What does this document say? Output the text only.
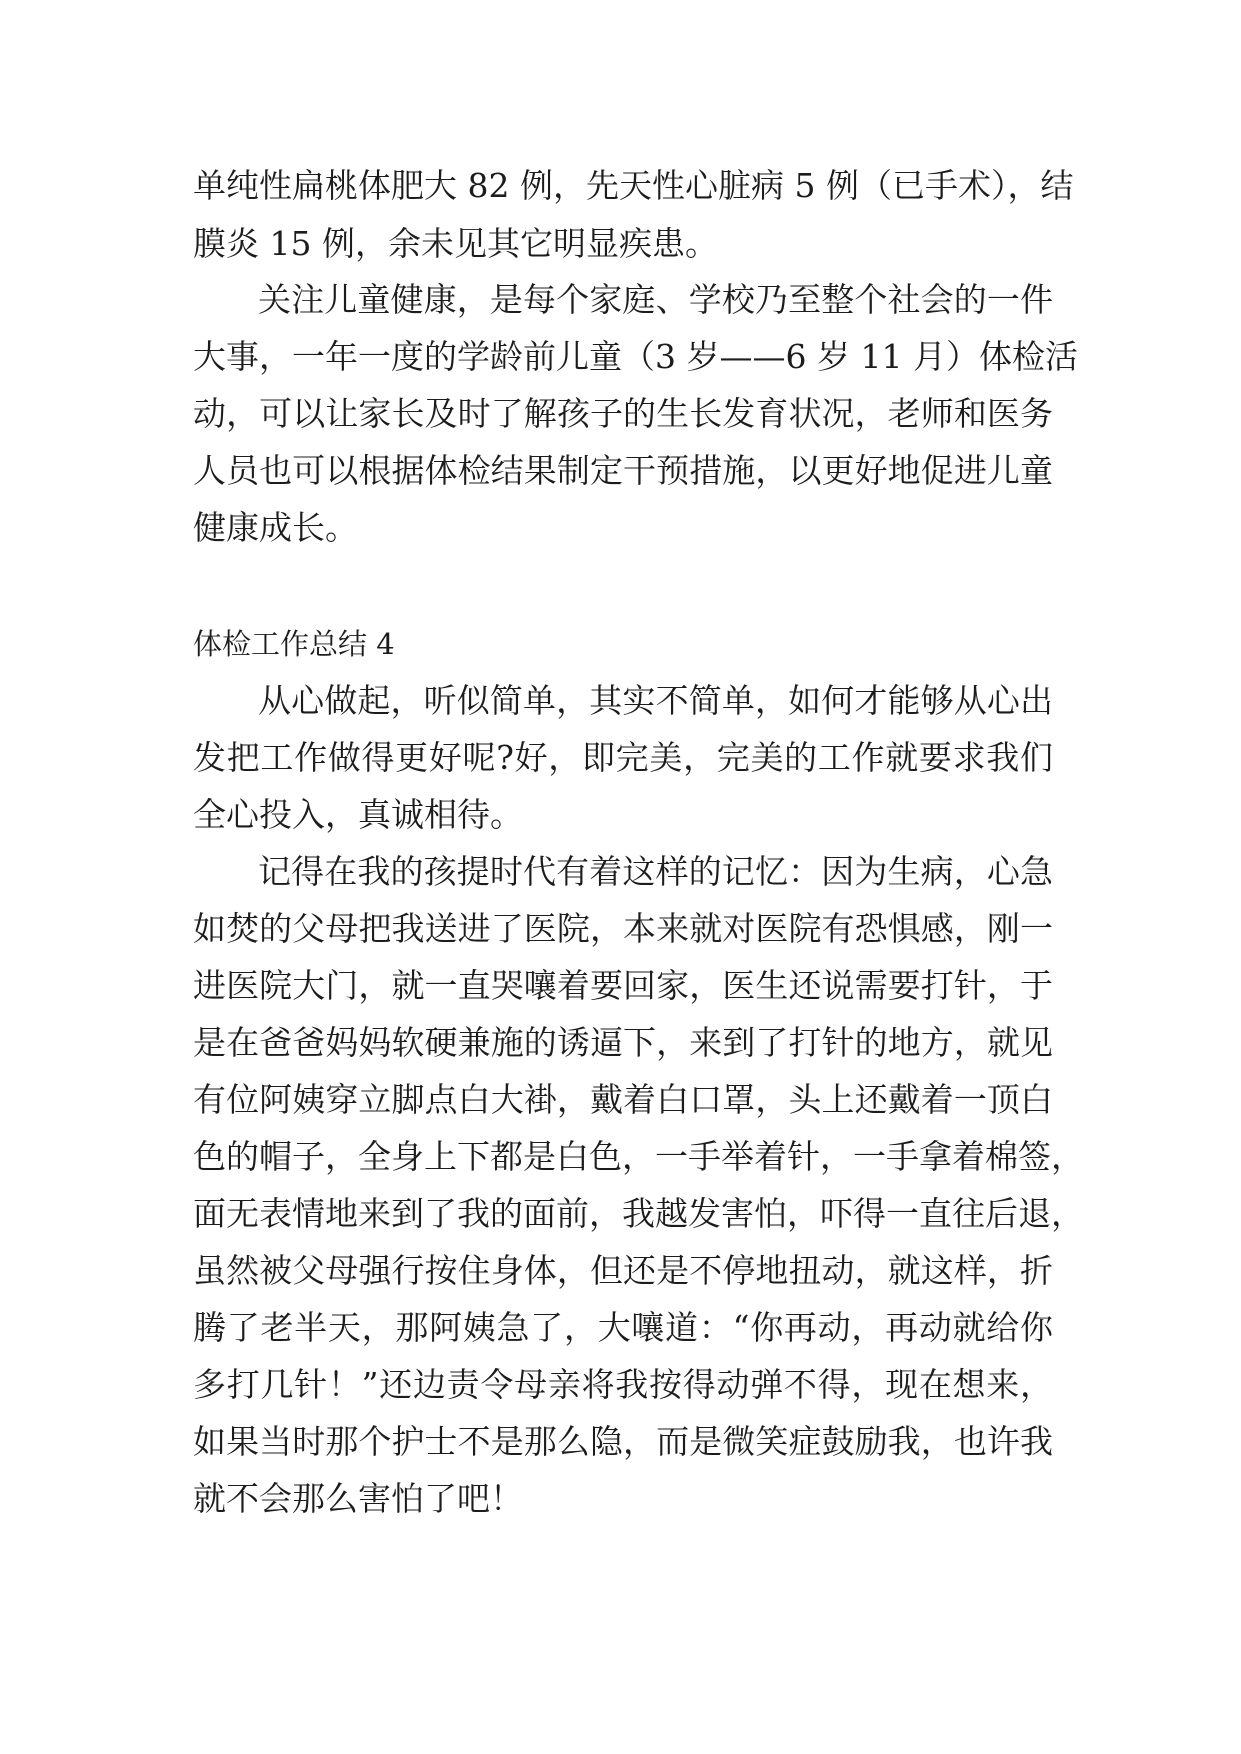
单纯性扁桃体肥大 82 例，先天性心脏病 5 例（已手术），结

膜炎 15 例，余未见其它明显疾患。

关注儿童健康，是每个家庭、学校乃至整个社会的一件

大事，一年一度的学龄前儿童（3 岁——6 岁 11 月）体检活

动，可以让家长及时了解孩子的生长发育状况，老师和医务

人员也可以根据体检结果制定干预措施，以更好地促进儿童

健康成长。

体检工作总结 4

从心做起，听似简单，其实不简单，如何才能够从心出

发把工作做得更好呢?好，即完美，完美的工作就要求我们

全心投入，真诚相待。

记得在我的孩提时代有着这样的记忆：因为生病，心急

如焚的父母把我送进了医院，本来就对医院有恐惧感，刚一

进医院大门，就一直哭嚷着要回家，医生还说需要打针，于

是在爸爸妈妈软硬兼施的诱逼下，来到了打针的地方，就见

有位阿姨穿立脚点白大褂，戴着白口罩，头上还戴着一顶白

色的帽子，全身上下都是白色，一手举着针，一手拿着棉签，

面无表情地来到了我的面前，我越发害怕，吓得一直往后退，

虽然被父母强行按住身体，但还是不停地扭动，就这样，折

腾了老半天，那阿姨急了，大嚷道：“你再动，再动就给你

多打几针！”还边责令母亲将我按得动弹不得，现在想来，

如果当时那个护士不是那么隐，而是微笑症鼓励我，也许我

就不会那么害怕了吧！
